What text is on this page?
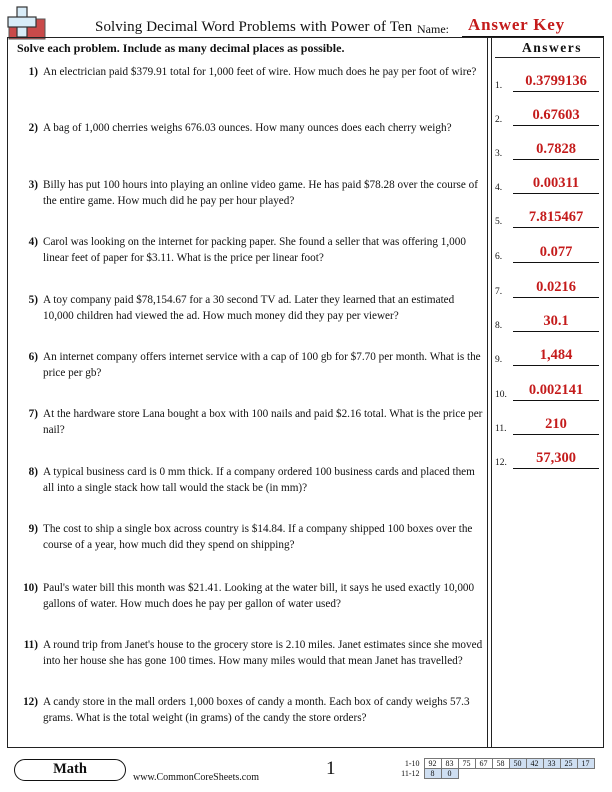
Solving Decimal Word Problems with Power of Ten Name: Answer Key
Solve each problem. Include as many decimal places as possible.	Answers
1) An electrician paid $379.91 total for 1,000 feet of wire. How much does he pay per foot of wire?
2) A bag of 1,000 cherries weighs 676.03 ounces. How many ounces does each cherry weigh?
3) Billy has put 100 hours into playing an online video game. He has paid $78.28 over the course of the entire game. How much did he pay per hour played?
4) Carol was looking on the internet for packing paper. She found a seller that was offering 1,000 linear feet of paper for $3.11. What is the price per linear foot?
5) A toy company paid $78,154.67 for a 30 second TV ad. Later they learned that an estimated 10,000 children had viewed the ad. How much money did they pay per viewer?
6) An internet company offers internet service with a cap of 100 gb for $7.70 per month. What is the price per gb?
7) At the hardware store Lana bought a box with 100 nails and paid $2.16 total. What is the price per nail?
8) A typical business card is 0 mm thick. If a company ordered 100 business cards and placed them all into a single stack how tall would the stack be (in mm)?
9) The cost to ship a single box across country is $14.84. If a company shipped 100 boxes over the course of a year, how much did they spend on shipping?
10) Paul's water bill this month was $21.41. Looking at the water bill, it says he used exactly 10,000 gallons of water. How much does he pay per gallon of water used?
11) A round trip from Janet's house to the grocery store is 2.10 miles. Janet estimates since she moved into her house she has gone 100 times. How many miles would that mean Janet has travelled?
12) A candy store in the mall orders 1,000 boxes of candy a month. Each box of candy weighs 57.3 grams. What is the total weight (in grams) of the candy the store orders?
1.	0.3799136
2.	0.67603
3.	0.7828
4.	0.00311
5.	7.815467
6.	0.077
7.	0.0216
8.	30.1
9.	1,484
10.	0.002141
11.	210
12.	57,300
Math
www.CommonCoreSheets.com	1	1-10	92	83	75	67	58	50	42	33	25	17
11-12	8	0								
